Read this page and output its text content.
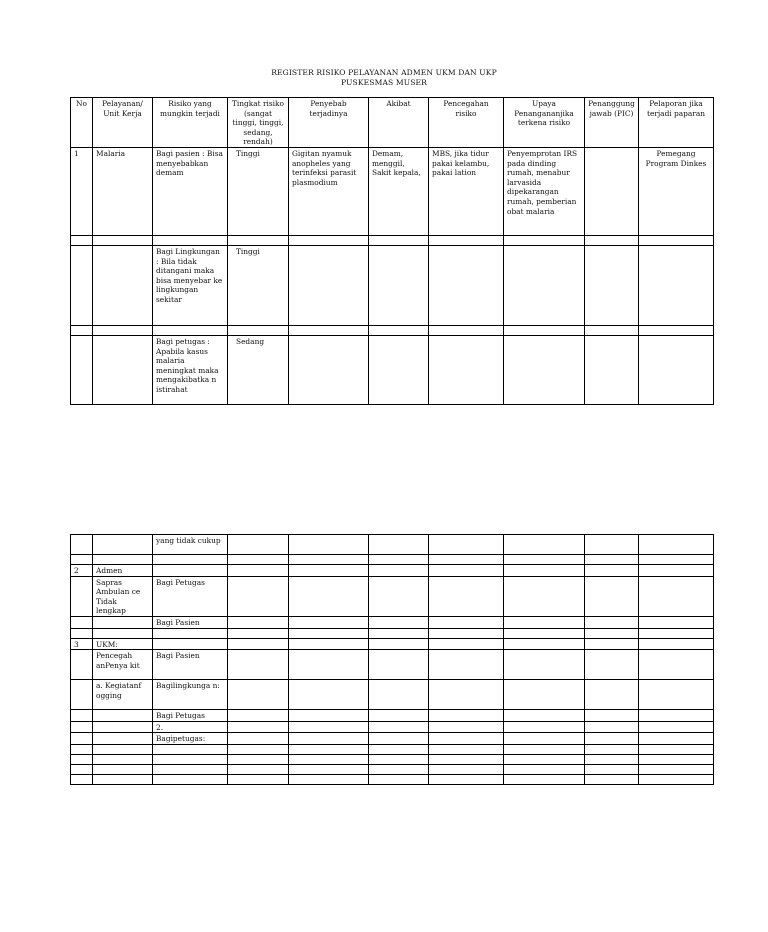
REGISTER RISIKO PELAYANAN ADMEN UKM DAN UKP
PUSKESMAS MUSER
No	Pelayanan/ Unit Kerja	Risiko yang mungkin terjadi	Tingkat risiko (sangat tinggi, tinggi, sedang, rendah)	Penyebab terjadinya	Akibat	Pencegahan risiko	Upaya Penangananjika terkena risiko	Penanggung jawab (PIC)	Pelaporan jika terjadi paparan
1	Malaria	Bagi pasien : Bisa menyebabkan demam	Tinggi	Gigitan nyamuk anopheles yang terinfeksi parasit plasmodium	Demam, menggil, Sakit kepala,	MBS, jika tidur pakai kelambu, pakai lation	Penyemprotan IRS pada dinding rumah, menabur larvasida dipekarangan rumah, pemberian obat malaria		Pemegang Program Dinkes

		Bagi Lingkungan : Bila tidak ditangani maka bisa menyebar ke lingkungan sekitar	Tinggi						

		Bagi petugas : Apabila kasus malaria meningkat maka mengakibatka n istirahat	Sedang						
		yang tidak cukup							

2	Admen								
	Sapras Ambulan ce Tidak lengkap	Bagi Petugas							
		Bagi Pasien							

3	UKM:								
	Pencegah anPenya kit	Bagi Pasien							
	a. Kegiatanf ogging	Bagilingkunga n:							
		Bagi Petugas							
		2.							
		Bagipetugas:							
